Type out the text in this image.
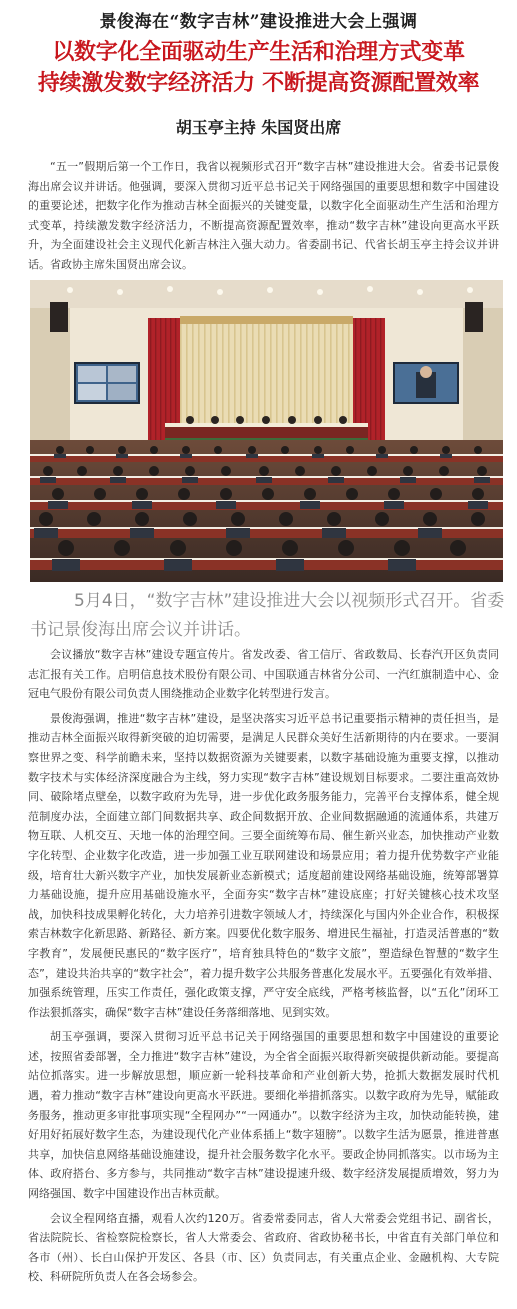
景俊海在“数字吉林”建设推进大会上强调
以数字化全面驱动生产生活和治理方式变革
持续激发数字经济活力 不断提高资源配置效率
胡玉亭主持 朱国贤出席

“五一”假期后第一个工作日，我省以视频形式召开“数字吉林”建设推进大会。省委书记景俊海出席会议并讲话。他强调，要深入贯彻习近平总书记关于网络强国的重要思想和数字中国建设的重要论述，把数字化作为推动吉林全面振兴的关键变量，以数字化全面驱动生产生活和治理方式变革，持续激发数字经济活力，不断提高资源配置效率，推动“数字吉林”建设向更高水平跃升，为全面建设社会主义现代化新吉林注入强大动力。省委副书记、代省长胡玉亭主持会议并讲话。省政协主席朱国贤出席会议。

5月4日，“数字吉林”建设推进大会以视频形式召开。省委书记景俊海出席会议并讲话。

会议播放“数字吉林”建设专题宣传片。省发改委、省工信厅、省政数局、长春汽开区负责同志汇报有关工作。启明信息技术股份有限公司、中国联通吉林省分公司、一汽红旗制造中心、金冠电气股份有限公司负责人围绕推动企业数字化转型进行发言。

景俊海强调，推进“数字吉林”建设，是坚决落实习近平总书记重要指示精神的责任担当，是推动吉林全面振兴取得新突破的迫切需要，是满足人民群众美好生活新期待的内在要求。一要洞察世界之变、科学前瞻未来，坚持以数据资源为关键要素，以数字基础设施为重要支撑，以推动数字技术与实体经济深度融合为主线，努力实现“数字吉林”建设规划目标要求。二要注重高效协同、破除堵点壁垒，以数字政府为先导，进一步优化政务服务能力，完善平台支撑体系，健全规范制度办法，全面建立部门间数据共享、政企间数据开放、企业间数据融通的流通体系，共建万物互联、人机交互、天地一体的治理空间。三要全面统筹布局、催生新兴业态，加快推动产业数字化转型、企业数字化改造，进一步加强工业互联网建设和场景应用；着力提升优势数字产业能级，培育壮大新兴数字产业，加快发展新业态新模式；适度超前建设网络基础设施，统筹部署算力基础设施，提升应用基础设施水平，全面夯实“数字吉林”建设底座；打好关键核心技术攻坚战，加快科技成果孵化转化，大力培养引进数字领域人才，持续深化与国内外企业合作，积极探索吉林数字化新思路、新路径、新方案。四要优化数字服务、增进民生福祉，打造灵活普惠的“数字教育”，发展便民惠民的“数字医疗”，培育独具特色的“数字文旅”，塑造绿色智慧的“数字生态”，建设共治共享的“数字社会”，着力提升数字公共服务普惠化发展水平。五要强化有效举措、加强系统管理，压实工作责任，强化政策支撑，严守安全底线，严格考核监督，以“五化”闭环工作法狠抓落实，确保“数字吉林”建设任务落细落地、见到实效。

胡玉亭强调，要深入贯彻习近平总书记关于网络强国的重要思想和数字中国建设的重要论述，按照省委部署，全力推进“数字吉林”建设，为全省全面振兴取得新突破提供新动能。要提高站位抓落实。进一步解放思想，顺应新一轮科技革命和产业创新大势，抢抓大数据发展时代机遇，着力推动“数字吉林”建设向更高水平跃进。要细化举措抓落实。以数字政府为先导，赋能政务服务，推动更多审批事项实现“全程网办”“一网通办”。以数字经济为主攻，加快动能转换，建好用好拓展好数字生态，为建设现代化产业体系插上“数字翅膀”。以数字生活为愿景，推进普惠共享，加快信息网络基础设施建设，提升社会服务数字化水平。要政企协同抓落实。以市场为主体、政府搭台、多方参与，共同推动“数字吉林”建设提速升级、数字经济发展提质增效，努力为网络强国、数字中国建设作出吉林贡献。

会议全程网络直播，观看人次约120万。省委常委同志，省人大常委会党组书记、副省长，省法院院长、省检察院检察长，省人大常委会、省政府、省政协秘书长，中省直有关部门单位和各市（州）、长白山保护开发区、各县（市、区）负责同志，有关重点企业、金融机构、大专院校、科研院所负责人在各会场参会。
